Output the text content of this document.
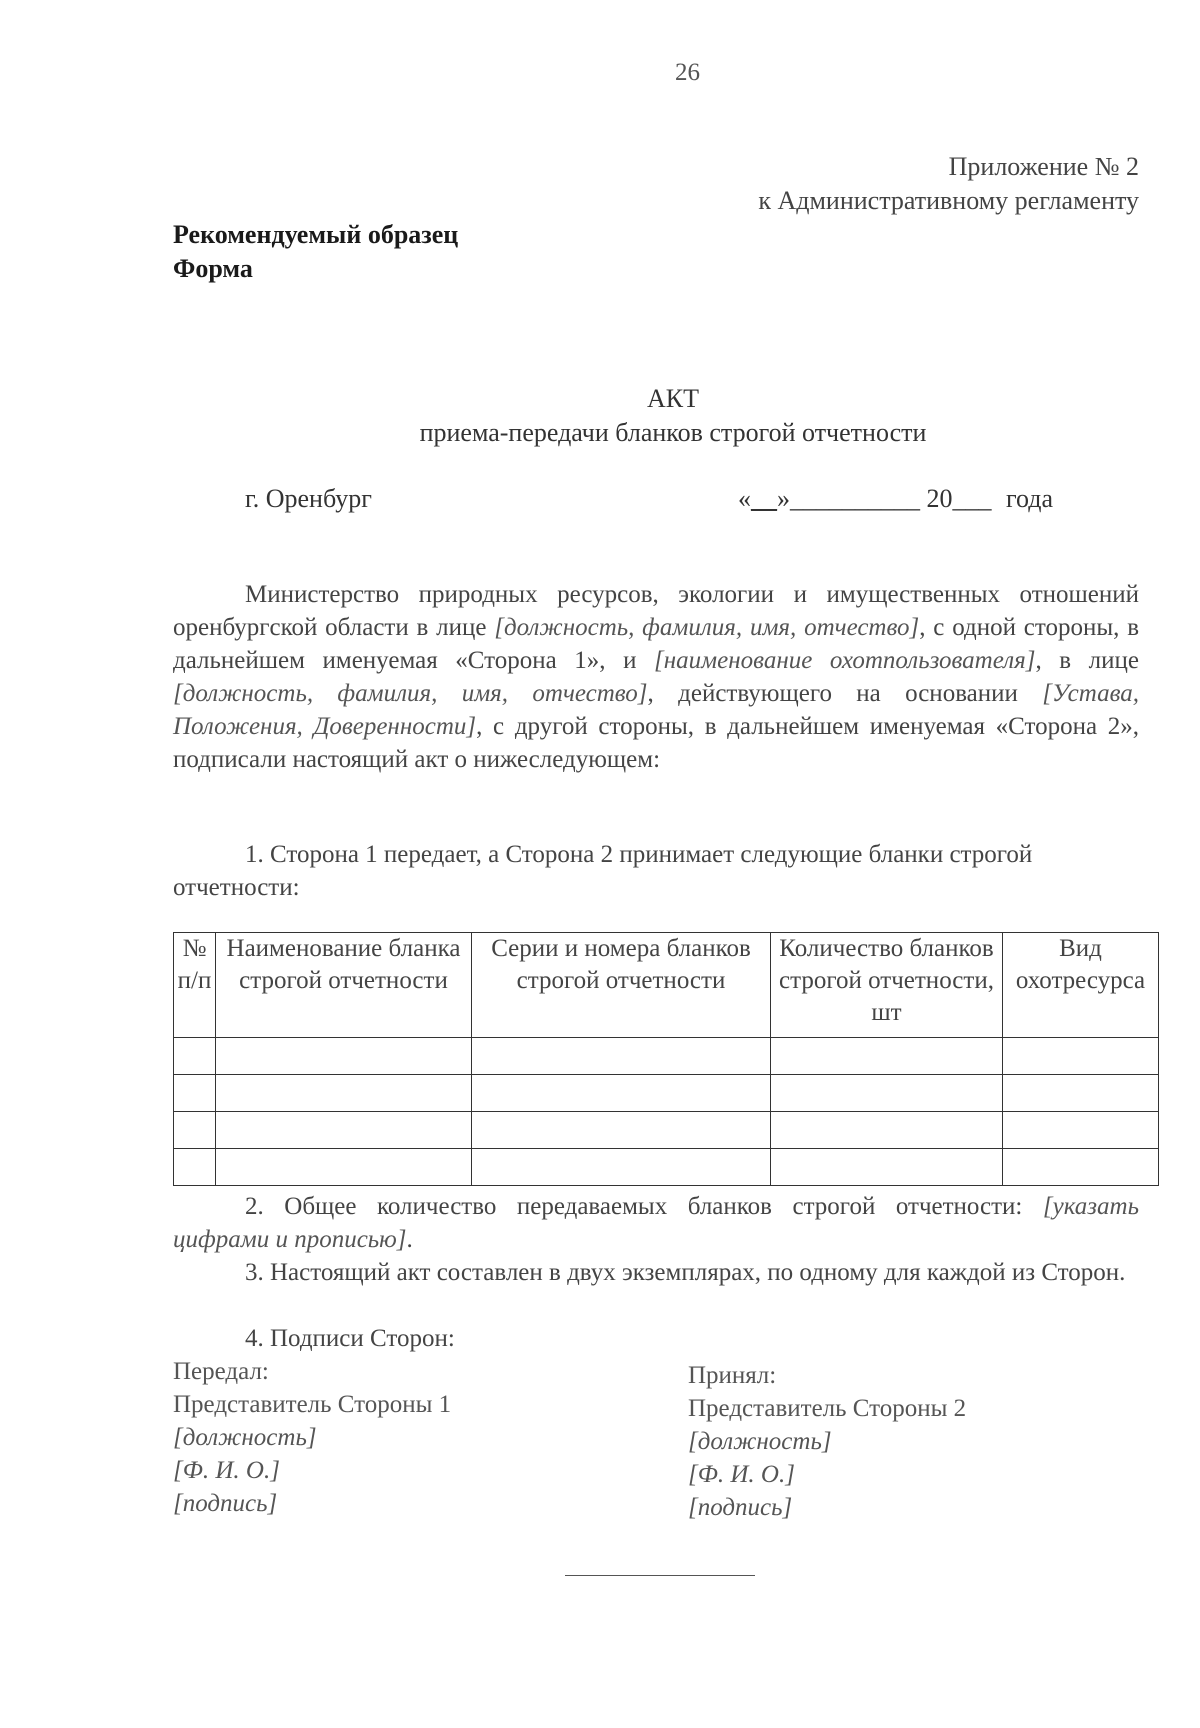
26
Приложение № 2
к Административному регламенту
Рекомендуемый образец
Форма
АКТ
приема-передачи бланков строгой отчетности
г. Оренбург	«__»__________ 20___ года
Министерство природных ресурсов, экологии и имущественных отношений оренбургской области в лице [должность, фамилия, имя, отчество], с одной стороны, в дальнейшем именуемая «Сторона 1», и [наименование охотпользователя], в лице [должность, фамилия, имя, отчество], действующего на основании [Устава, Положения, Доверенности], с другой стороны, в дальнейшем именуемая «Сторона 2», подписали настоящий акт о нижеследующем:
1. Сторона 1 передает, а Сторона 2 принимает следующие бланки строгой отчетности:
№ п/п	Наименование бланка строгой отчетности	Серии и номера бланков строгой отчетности	Количество бланков строгой отчетности, шт	Вид охотресурса

2. Общее количество передаваемых бланков строгой отчетности: [указать цифрами и прописью].
3. Настоящий акт составлен в двух экземплярах, по одному для каждой из Сторон.
4. Подписи Сторон:
Передал:
Представитель Стороны 1
[должность]
[Ф. И. О.]
[подпись]
Принял:
Представитель Стороны 2
[должность]
[Ф. И. О.]
[подпись]
